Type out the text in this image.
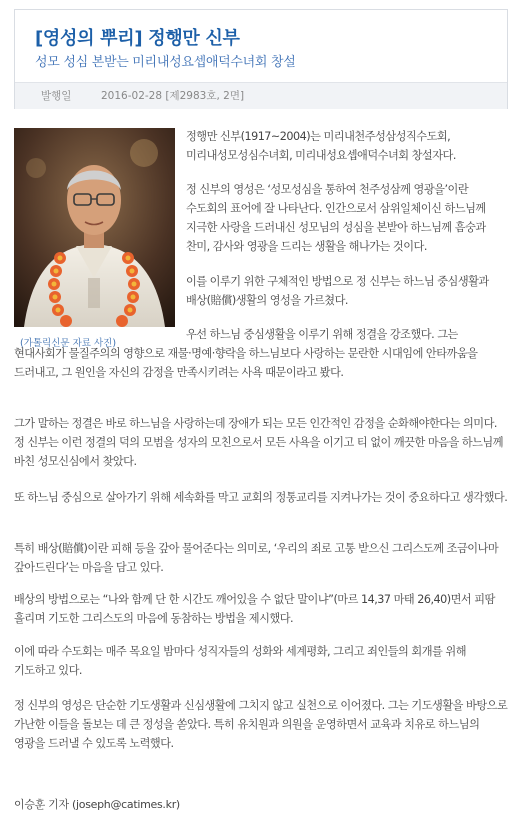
[영성의 뿌리] 정행만 신부

성모 성심 본받는 미리내성요셉애덕수녀회 창설

발행일	2016-02-28 [제2983호, 2면]
(가톨릭신문 자료 사진)

정행만 신부(1917~2004)는 미리내천주성삼성직수도회, 미리내성모성심수녀회, 미리내성요셉애덕수녀회 창설자다.

정 신부의 영성은 ‘성모성심을 통하여 천주성삼께 영광을’이란 수도회의 표어에 잘 나타난다. 인간으로서 삼위일체이신 하느님께 지극한 사랑을 드러내신 성모님의 성심을 본받아 하느님께 흠숭과 찬미, 감사와 영광을 드리는 생활을 해나가는 것이다.

이를 이루기 위한 구체적인 방법으로 정 신부는 하느님 중심생활과 배상(賠償)생활의 영성을 가르쳤다.

우선 하느님 중심생활을 이루기 위해 정결을 강조했다. 그는 현대사회가 물질주의의 영향으로 재물·명예·향락을 하느님보다 사랑하는 문란한 시대임에 안타까움을 드러내고, 그 원인을 자신의 감정을 만족시키려는 사욕 때문이라고 봤다.

그가 말하는 정결은 바로 하느님을 사랑하는데 장애가 되는 모든 인간적인 감정을 순화해야한다는 의미다. 정 신부는 이런 정결의 덕의 모범을 성자의 모친으로서 모든 사욕을 이기고 티 없이 깨끗한 마음을 하느님께 바친 성모신심에서 찾았다.

또 하느님 중심으로 살아가기 위해 세속화를 막고 교회의 정통교리를 지켜나가는 것이 중요하다고 생각했다.

특히 배상(賠償)이란 피해 등을 갚아 물어준다는 의미로, ‘우리의 죄로 고통 받으신 그리스도께 조금이나마 갚아드린다’는 마음을 담고 있다.

배상의 방법으로는 “나와 함께 단 한 시간도 깨어있을 수 없단 말이냐”(마르 14,37 마태 26,40)면서 피땀 흘리며 기도한 그리스도의 마음에 동참하는 방법을 제시했다.

이에 따라 수도회는 매주 목요일 밤마다 성직자들의 성화와 세계평화, 그리고 죄인들의 회개를 위해 기도하고 있다.

정 신부의 영성은 단순한 기도생활과 신심생활에 그치지 않고 실천으로 이어졌다. 그는 기도생활을 바탕으로 가난한 이들을 돌보는 데 큰 정성을 쏟았다. 특히 유치원과 의원을 운영하면서 교육과 치유로 하느님의 영광을 드러낼 수 있도록 노력했다.

이승훈 기자 (joseph@catimes.kr)
